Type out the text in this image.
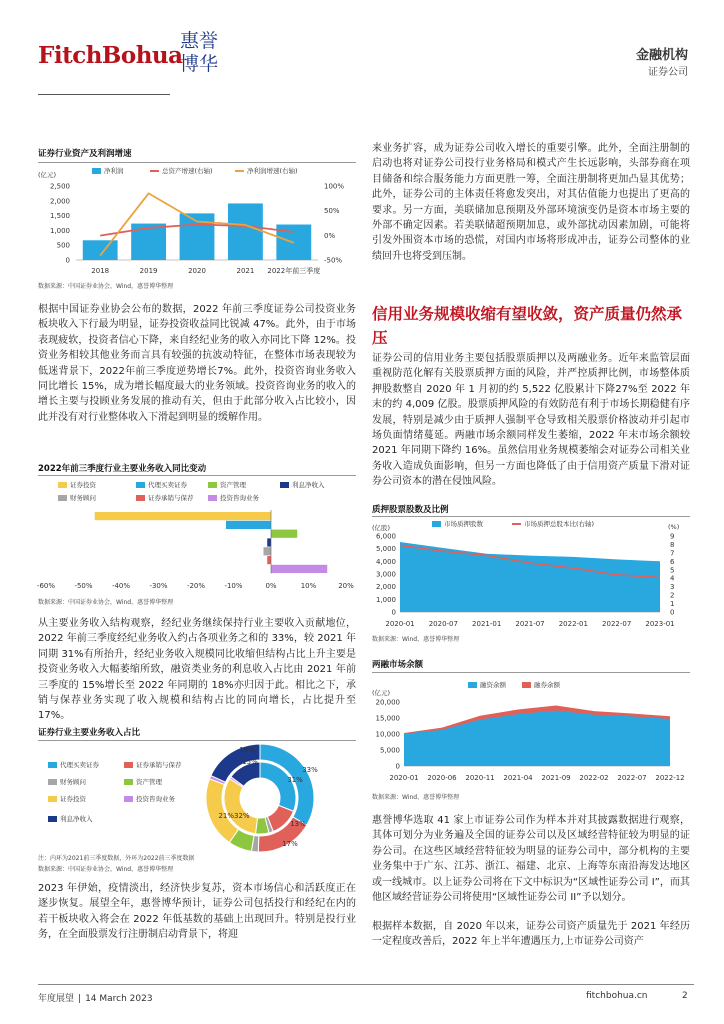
FitchBohua
惠誉博华	金融机构
证券公司
证券行业资产及利润增速
(亿元)	净利润	总资产增速(右轴)	净利润增速(右轴)
2,500
2,000
1,500
1,000
500
0
100%
50%
0%
-50%
2018	2019	2020	2021 2022年前三季度
数据来源：中国证券业协会，Wind，惠誉博华整理
根据中国证券业协会公布的数据，2022 年前三季度证券公司投资业务板块收入下行最为明显，证券投资收益同比锐减 47%。此外，由于市场表现疲软，投资者信心下降，来自经纪业务的收入亦同比下降 12%。投资业务相较其他业务而言具有较强的抗波动特征，在整体市场表现较为低迷背景下，2022年前三季度逆势增长7%。此外，投资咨询业务收入同比增长 15%，成为增长幅度最大的业务领域。投资咨询业务的收入的增长主要与投顾业务发展的推动有关，但由于此部分收入占比较小，因此并没有对行业整体收入下滑起到明显的缓解作用。
2022年前三季度行业主要业务收入同比变动
证券投资	代理买卖证券	资产管理	利息净收入
财务顾问	证券承销与保荐	投资咨询业务
-60%	-50%	-40%	-30%	-20%	-10%	0%	10%	20%
数据来源：中国证券业协会，Wind，惠誉博华整理
从主要业务收入结构观察，经纪业务继续保持行业主要收入贡献地位，2022 年前三季度经纪业务收入约占各项业务之和的 33%，较 2021 年同期 31%有所抬升，经纪业务收入规模同比收缩但结构占比上升主要是投资业务收入大幅萎缩所致，融资类业务的利息收入占比由 2021 年前三季度的 15%增长至 2022 年同期的 18%亦归因于此。相比之下，承销与保荐业务实现了收入规模和结构占比的同向增长，占比提升至 17%。
证券行业主要业务收入占比
代理买卖证券	证券承销与保荐
财务顾问	资产管理
证券投资	投资咨询业务
利息净收入
33%
31%
13%
17%
21%32%
18%
15%
注：内环为2021前三季度数据，外环为2022前三季度数据
数据来源：中国证券业协会，Wind，惠誉博华整理
2023 年伊始，疫情淡出，经济快步复苏，资本市场信心和活跃度正在逐步恢复。展望全年，惠誉博华预计，证券公司包括投行和经纪在内的若干板块收入将会在 2022 年低基数的基础上出现回升。特别是投行业务，在全面股票发行注册制启动背景下，将迎
来业务扩容，成为证券公司收入增长的重要引擎。此外，全面注册制的启动也将对证券公司投行业务格局和模式产生长远影响，头部券商在项目储备和综合服务能力方面更胜一筹，全面注册制将更加凸显其优势；此外，证券公司的主体责任将愈发突出，对其估值能力也提出了更高的要求。另一方面，美联储加息预期及外部环境演变仍是资本市场主要的外部不确定因素。若美联储超预期加息，或外部扰动因素加剧，可能将引发外围资本市场的恐慌，对国内市场将形成冲击，证券公司整体的业绩回升也将受到压制。
信用业务规模收缩有望收敛，资产质量仍然承压
证券公司的信用业务主要包括股票质押以及两融业务。近年来监管层面重视防范化解有关股票质押方面的风险，并严控质押比例，市场整体质押股数整自 2020 年 1 月初的约 5,522 亿股累计下降27%至 2022 年末的约 4,009 亿股。股票质押风险的有效防范有利于市场长期稳健有序发展，特别是减少由于质押人强制平仓导致相关股票价格波动并引起市场负面情绪蔓延。两融市场余额同样发生萎缩，2022 年末市场余额较 2021 年同期下降约 16%。虽然信用业务规模萎缩会对证券公司相关业务收入造成负面影响，但另一方面也降低了由于信用资产质量下滑对证券公司资本的潜在侵蚀风险。
质押股票股数及比例
(亿股)	(%)
市场质押股数	市场质押总股本比(右轴)
6,000
5,000
4,000
3,000
2,000
1,000
0
9
8
7
6
5
4
3
2
1
0
2020-01 2020-07 2021-01 2021-07 2022-01 2022-07 2023-01
数据来源：Wind，惠誉博华整理
两融市场余额
(亿元)
融资余额	融券余额
20,000
15,000
10,000
5,000
0
2020-01 2020-06 2020-11 2021-04 2021-09 2022-02 2022-07 2022-12
数据来源：Wind，惠誉博华整理
惠誉博华选取 41 家上市证券公司作为样本并对其披露数据进行观察，其体可划分为业务遍及全国的证券公司以及区域经营特征较为明显的证券公司。在这些区域经营特征较为明显的证券公司中，部分机构的主要业务集中于广东、江苏、浙江、福建、北京、上海等东南沿海发达地区或一线城市。以上证券公司将在下文中标识为“区域性证券公司 I”，而其他区域经营证券公司将使用“区域性证券公司 II”予以划分。
根据样本数据，自 2020 年以来，证券公司资产质量先于 2021 年经历一定程度改善后，2022 年上半年遭遇压力,上市证券公司资产
年度展望 | 14 March 2023	fitchbohua.cn	2
